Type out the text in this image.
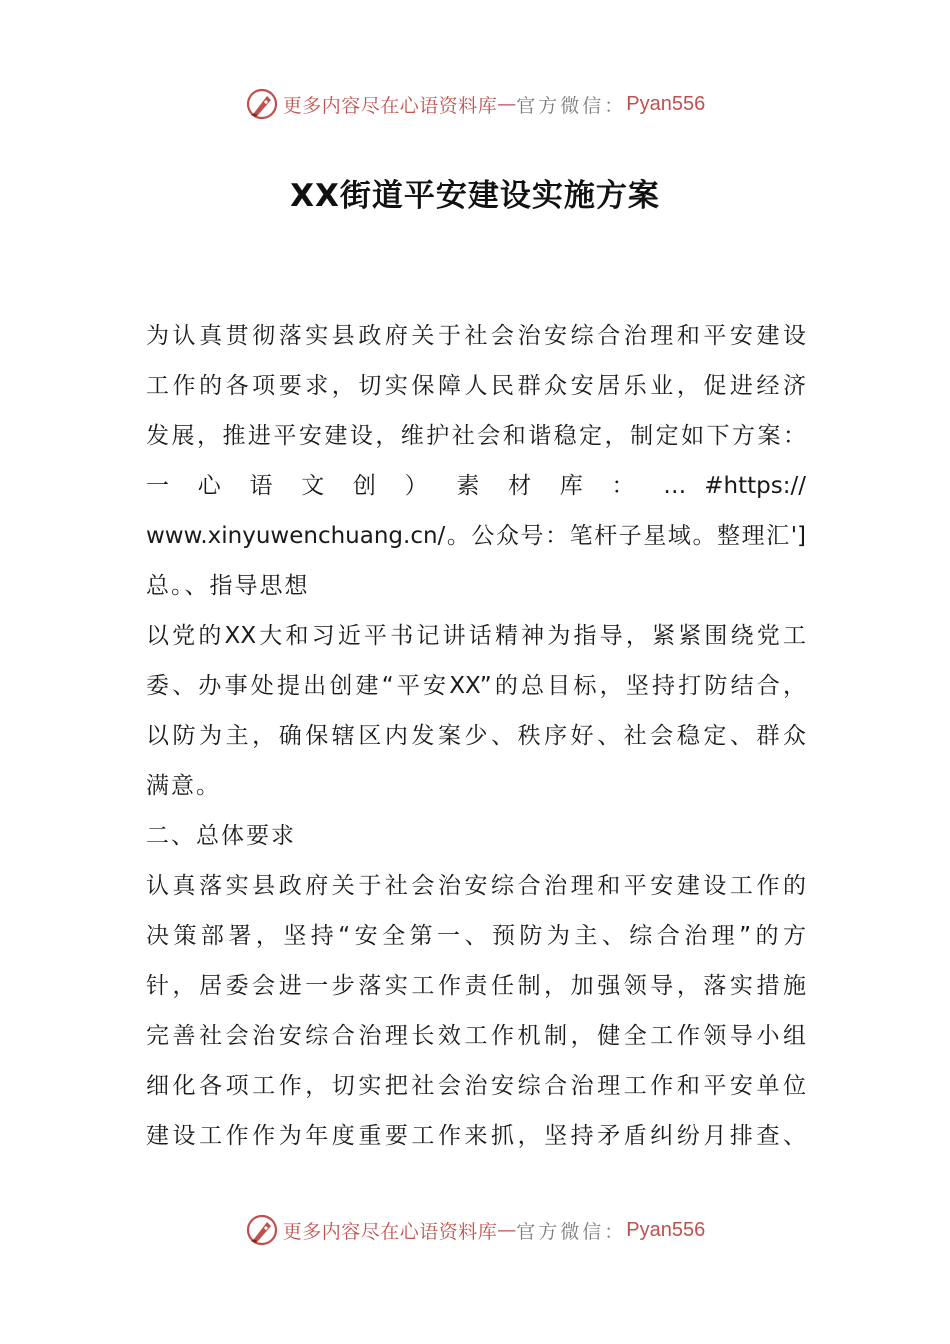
更多内容尽在心语资料库 — 官方微信： Pyan556
XX街道平安建设实施方案
为认真贯彻落实县政府关于社会治安综合治理和平安建设
工作的各项要求，切实保障人民群众安居乐业，促进经济
发展，推进平安建设，维护社会和谐稳定，制定如下方案：
一 心 语 文 创 ） 素 材 库 ： … #https://
www.xinyuwenchuang.cn/。公众号：笔杆子星域。整理汇']
总。、指导思想
以党的XX大和习近平书记讲话精神为指导，紧紧围绕党工
委、办事处提出创建“平安XX”的总目标，坚持打防结合，
以防为主，确保辖区内发案少、秩序好、社会稳定、群众
满意。
二、总体要求
认真落实县政府关于社会治安综合治理和平安建设工作的
决策部署，坚持“安全第一、预防为主、综合治理”的方
针，居委会进一步落实工作责任制，加强领导，落实措施
完善社会治安综合治理长效工作机制，健全工作领导小组
细化各项工作，切实把社会治安综合治理工作和平安单位
建设工作作为年度重要工作来抓，坚持矛盾纠纷月排查、
更多内容尽在心语资料库 — 官方微信： Pyan556
